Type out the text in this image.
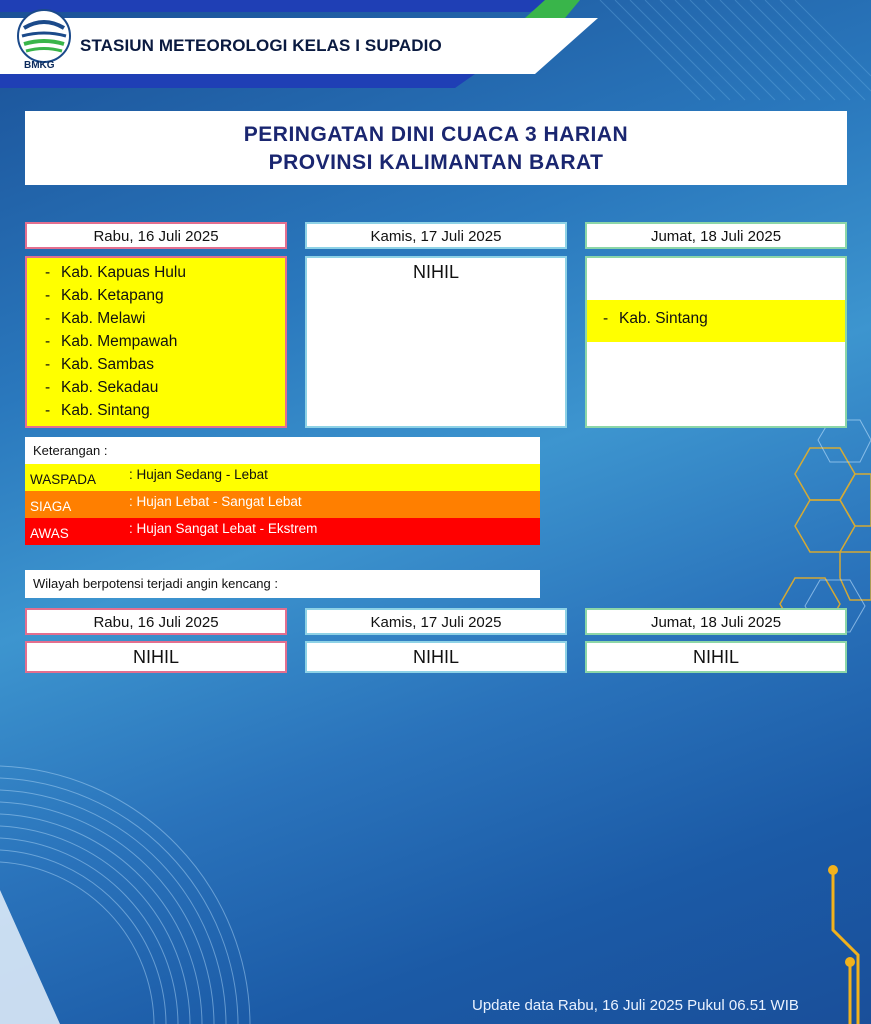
BMKG
STASIUN METEOROLOGI KELAS I SUPADIO
PERINGATAN DINI CUACA 3 HARIAN
PROVINSI KALIMANTAN BARAT
Rabu, 16 Juli 2025
- Kab. Kapuas Hulu
- Kab. Ketapang
- Kab. Melawi
- Kab. Mempawah
- Kab. Sambas
- Kab. Sekadau
- Kab. Sintang
Kamis, 17 Juli 2025
NIHIL
Jumat, 18 Juli 2025
- Kab. Sintang
Keterangan :
WASPADA : Hujan Sedang - Lebat
SIAGA	: Hujan Lebat - Sangat Lebat
AWAS	: Hujan Sangat Lebat - Ekstrem
Wilayah berpotensi terjadi angin kencang :
Rabu, 16 Juli 2025	Kamis, 17 Juli 2025	Jumat, 18 Juli 2025
NIHIL	NIHIL	NIHIL
Update data Rabu, 16 Juli 2025 Pukul 06.51 WIB
